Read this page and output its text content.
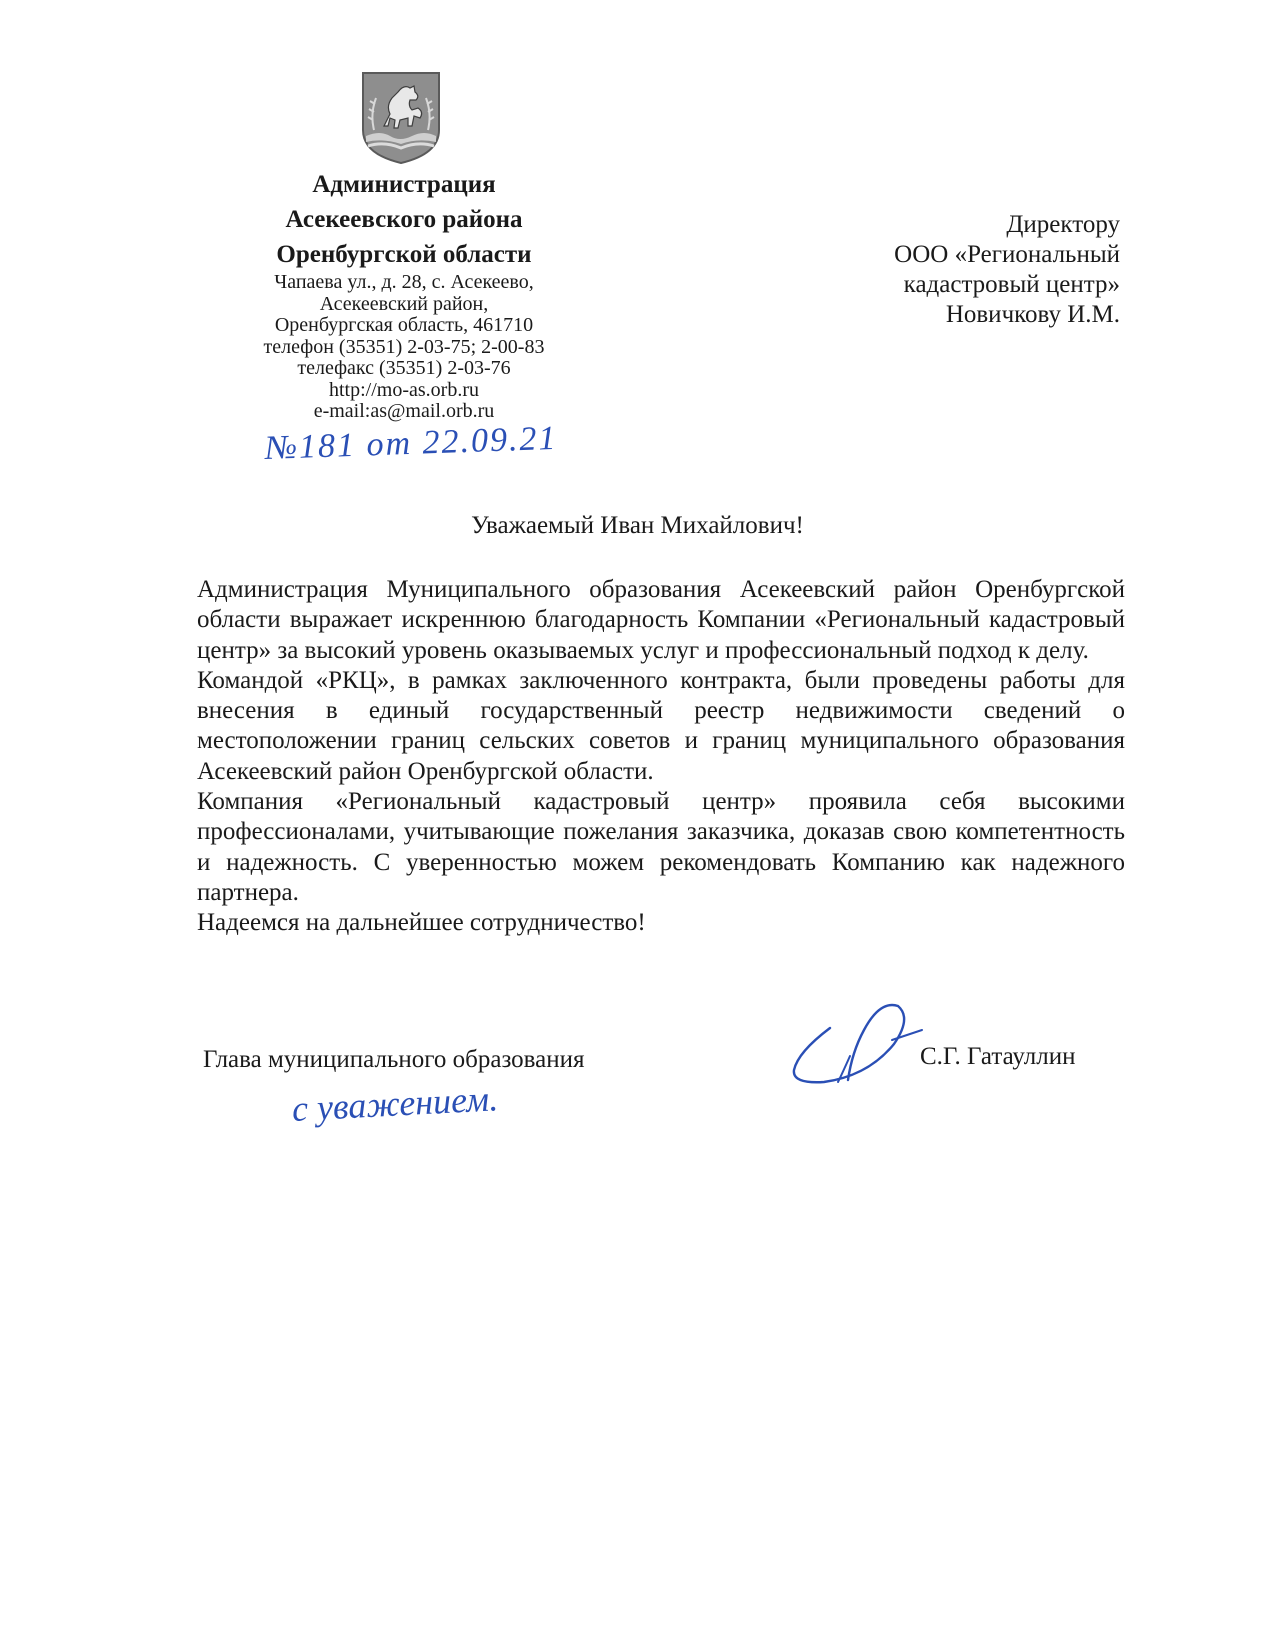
Администрация
Асекеевского района
Оренбургской области
Чапаева ул., д. 28, с. Асекеево,
Асекеевский район,
Оренбургская область, 461710
телефон (35351) 2-03-75; 2-00-83
телефакс (35351) 2-03-76
http://mo-as.orb.ru
e-mail:as@mail.orb.ru
Директору
ООО «Региональный
кадастровый центр»
Новичкову И.М.
№181 от 22.09.21
Уважаемый Иван Михайлович!

Администрация Муниципального образования Асекеевский район Оренбургской области выражает искреннюю благодарность Компании «Региональный кадастровый центр» за высокий уровень оказываемых услуг и профессиональный подход к делу.

Командой «РКЦ», в рамках заключенного контракта, были проведены работы для внесения в единый государственный реестр недвижимости сведений о местоположении границ сельских советов и границ муниципального образования Асекеевский район Оренбургской области.

Компания «Региональный кадастровый центр» проявила себя высокими профессионалами, учитывающие пожелания заказчика, доказав свою компетентность и надежность. С уверенностью можем рекомендовать Компанию как надежного партнера.

Надеемся на дальнейшее сотрудничество!

Глава муниципального образования	С.Г. Гатауллин
с уважением.
